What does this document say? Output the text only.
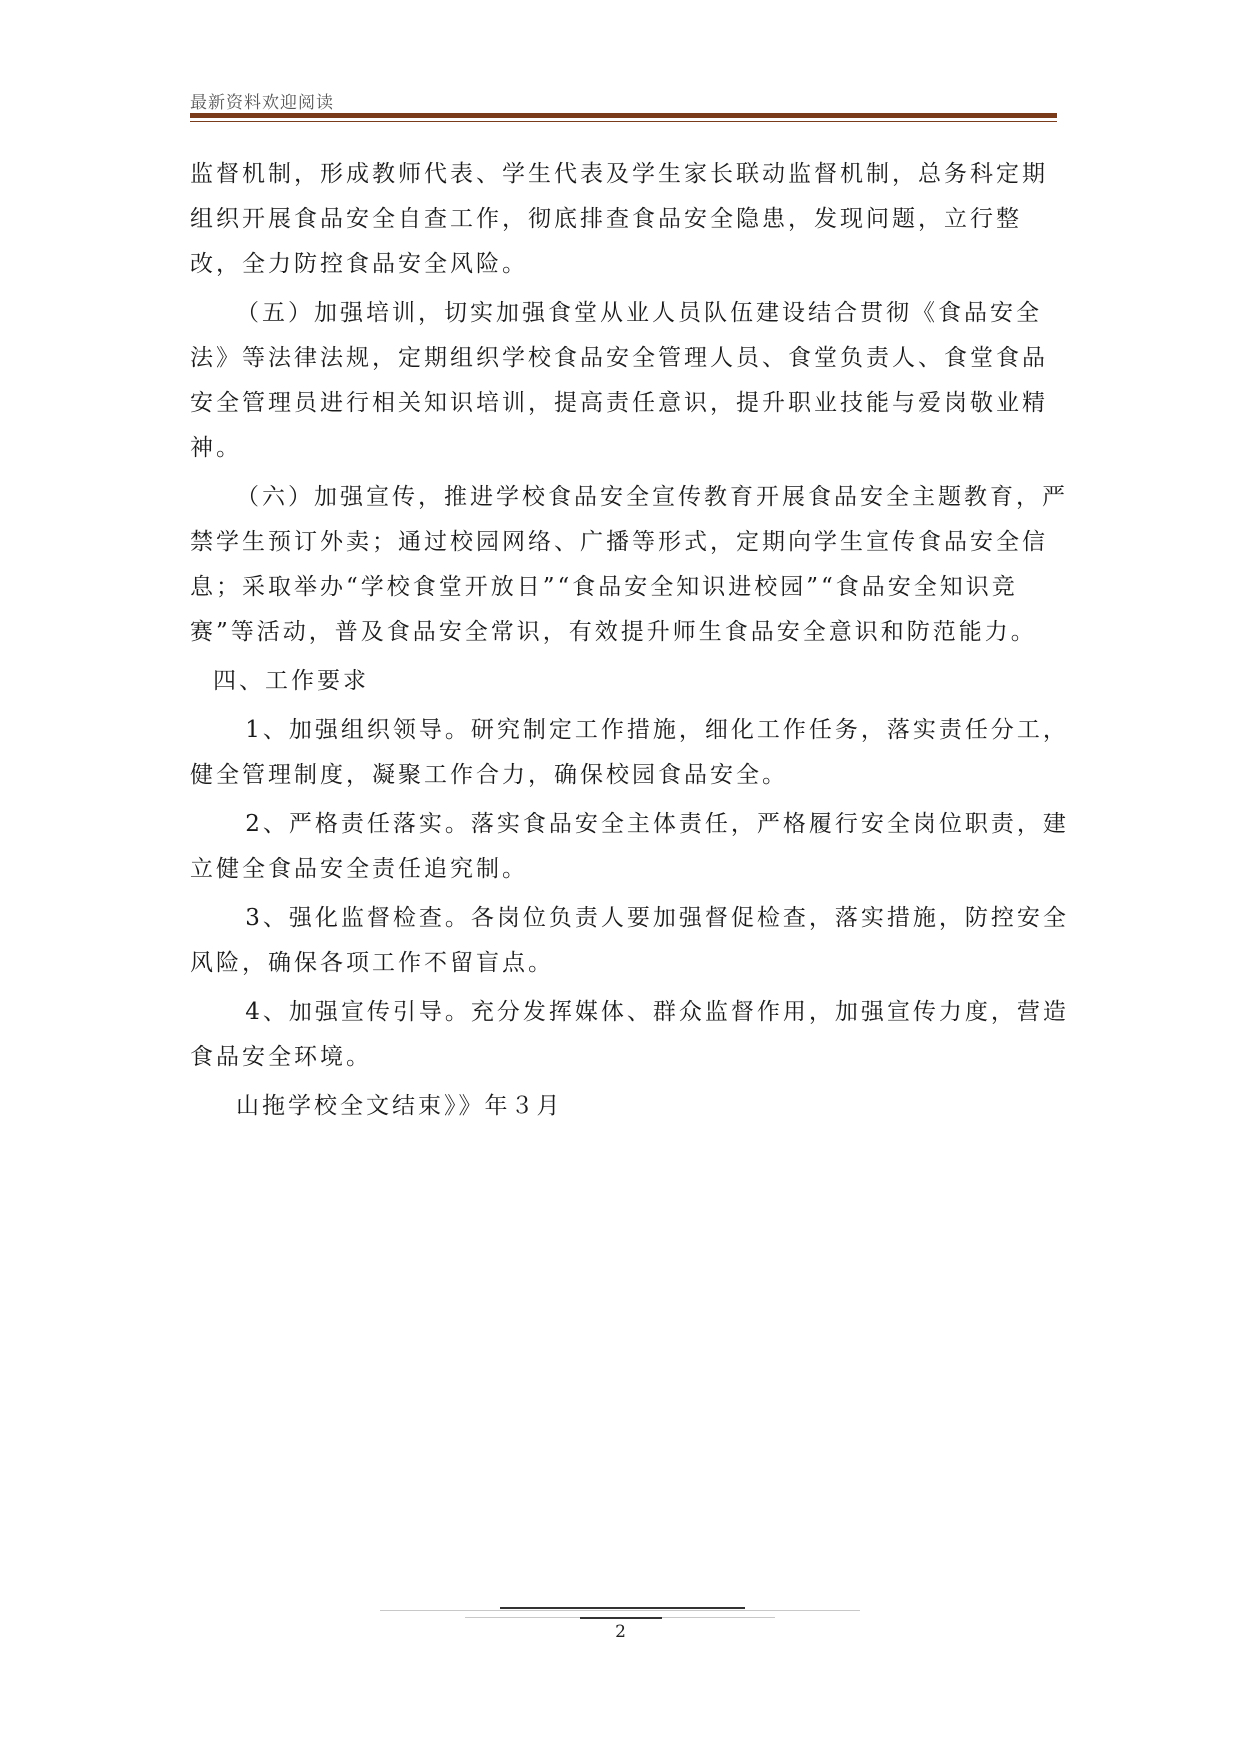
最新资料欢迎阅读

监督机制，形成教师代表、学生代表及学生家长联动监督机制，总务科定期组织开展食品安全自查工作，彻底排查食品安全隐患，发现问题，立行整改，全力防控食品安全风险。

（五）加强培训，切实加强食堂从业人员队伍建设结合贯彻《食品安全法》等法律法规，定期组织学校食品安全管理人员、食堂负责人、食堂食品安全管理员进行相关知识培训，提高责任意识，提升职业技能与爱岗敬业精神。

（六）加强宣传，推进学校食品安全宣传教育开展食品安全主题教育，严禁学生预订外卖；通过校园网络、广播等形式，定期向学生宣传食品安全信息；采取举办“学校食堂开放日”“食品安全知识进校园”“食品安全知识竞赛”等活动，普及食品安全常识，有效提升师生食品安全意识和防范能力。

四、工作要求

1、加强组织领导。研究制定工作措施，细化工作任务，落实责任分工，健全管理制度，凝聚工作合力，确保校园食品安全。

2、严格责任落实。落实食品安全主体责任，严格履行安全岗位职责，建立健全食品安全责任追究制。

3、强化监督检查。各岗位负责人要加强督促检查，落实措施，防控安全风险，确保各项工作不留盲点。

4、加强宣传引导。充分发挥媒体、群众监督作用，加强宣传力度，营造食品安全环境。

山拖学校全文结束》》年３月

2
